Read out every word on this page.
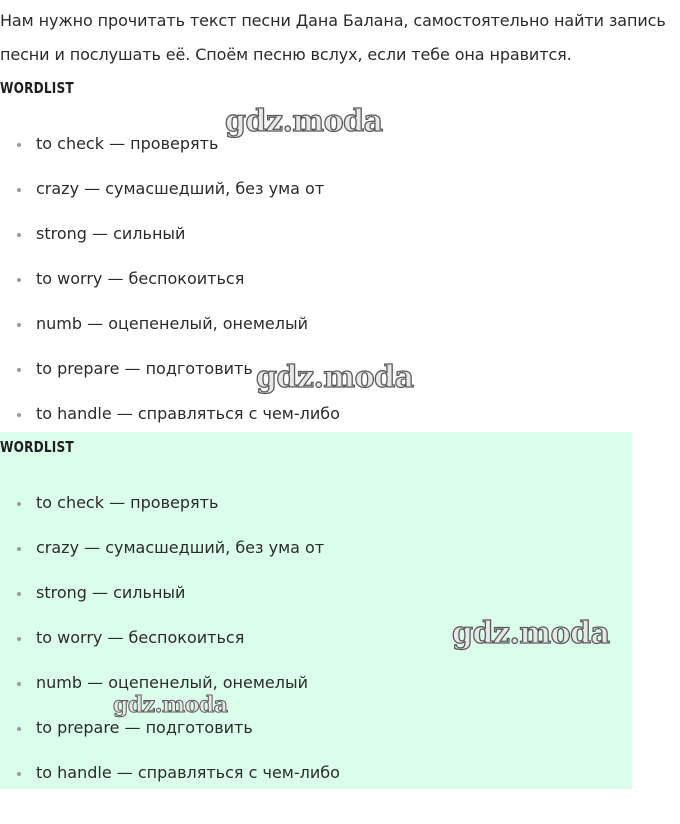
Нам нужно прочитать текст песни Дана Балана, самостоятельно найти запись песни и послушать её. Споём песню вслух, если тебе она нравится.

WORDLIST
to check — проверять
crazy — сумасшедший, без ума от
strong — сильный
to worry — беспокоиться
numb — оцепенелый, онемелый
to prepare — подготовить
to handle — справляться с чем-либо
WORDLIST
to check — проверять
crazy — сумасшедший, без ума от
strong — сильный
to worry — беспокоиться
numb — оцепенелый, онемелый
to prepare — подготовить
to handle — справляться с чем-либо
gdz.moda
gdz.moda
gdz.moda
gdz.moda
